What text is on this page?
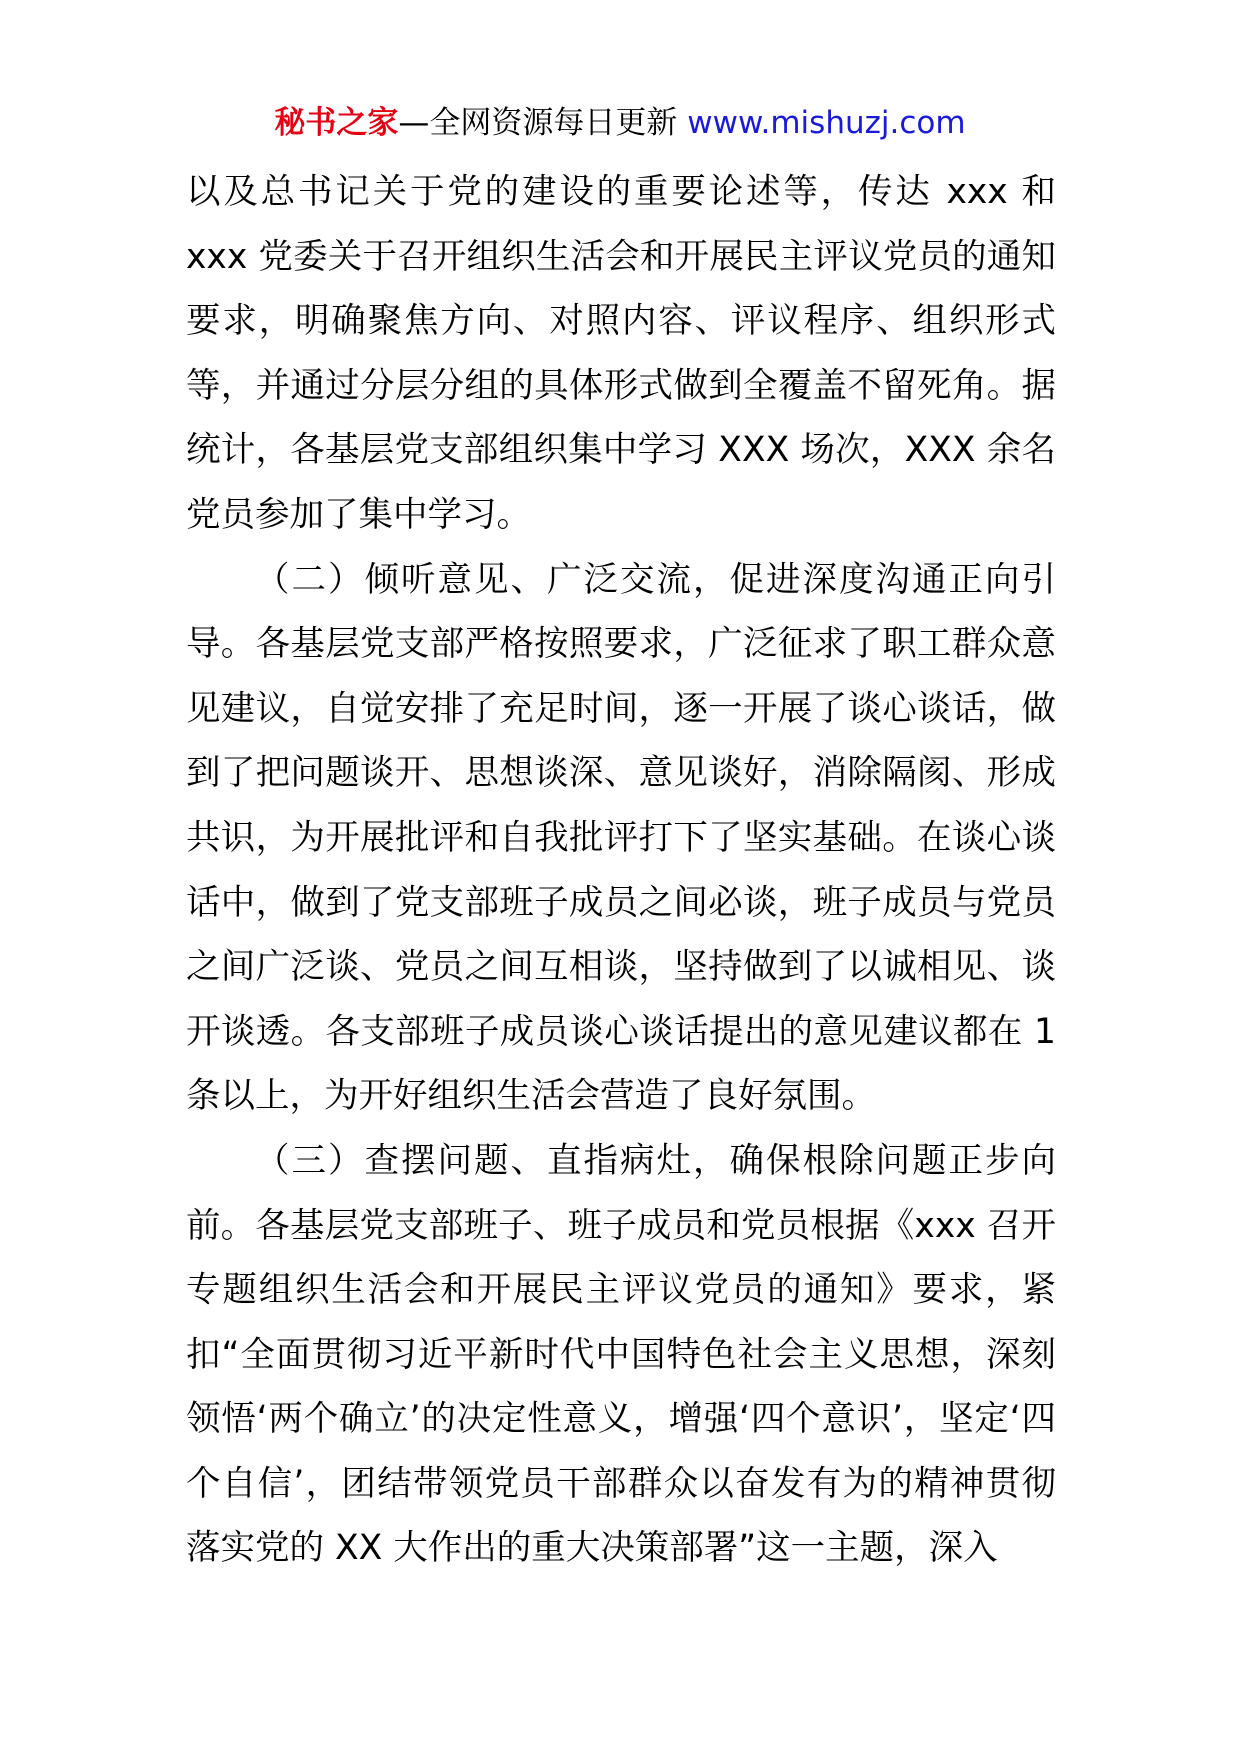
秘书之家—全网资源每日更新 www.mishuzj.com

以及总书记关于党的建设的重要论述等，传达 xxx 和 xxx 党委关于召开组织生活会和开展民主评议党员的通知要求，明确聚焦方向、对照内容、评议程序、组织形式等，并通过分层分组的具体形式做到全覆盖不留死角。据统计，各基层党支部组织集中学习 XXX 场次，XXX 余名党员参加了集中学习。

（二）倾听意见、广泛交流，促进深度沟通正向引导。各基层党支部严格按照要求，广泛征求了职工群众意见建议，自觉安排了充足时间，逐一开展了谈心谈话，做到了把问题谈开、思想谈深、意见谈好，消除隔阂、形成共识，为开展批评和自我批评打下了坚实基础。在谈心谈话中，做到了党支部班子成员之间必谈，班子成员与党员之间广泛谈、党员之间互相谈，坚持做到了以诚相见、谈开谈透。各支部班子成员谈心谈话提出的意见建议都在 1 条以上，为开好组织生活会营造了良好氛围。

（三）查摆问题、直指病灶，确保根除问题正步向前。各基层党支部班子、班子成员和党员根据《xxx 召开专题组织生活会和开展民主评议党员的通知》要求，紧扣“全面贯彻习近平新时代中国特色社会主义思想，深刻领悟‘两个确立’的决定性意义，增强‘四个意识’，坚定‘四个自信’，团结带领党员干部群众以奋发有为的精神贯彻落实党的 XX 大作出的重大决策部署”这一主题，深入
